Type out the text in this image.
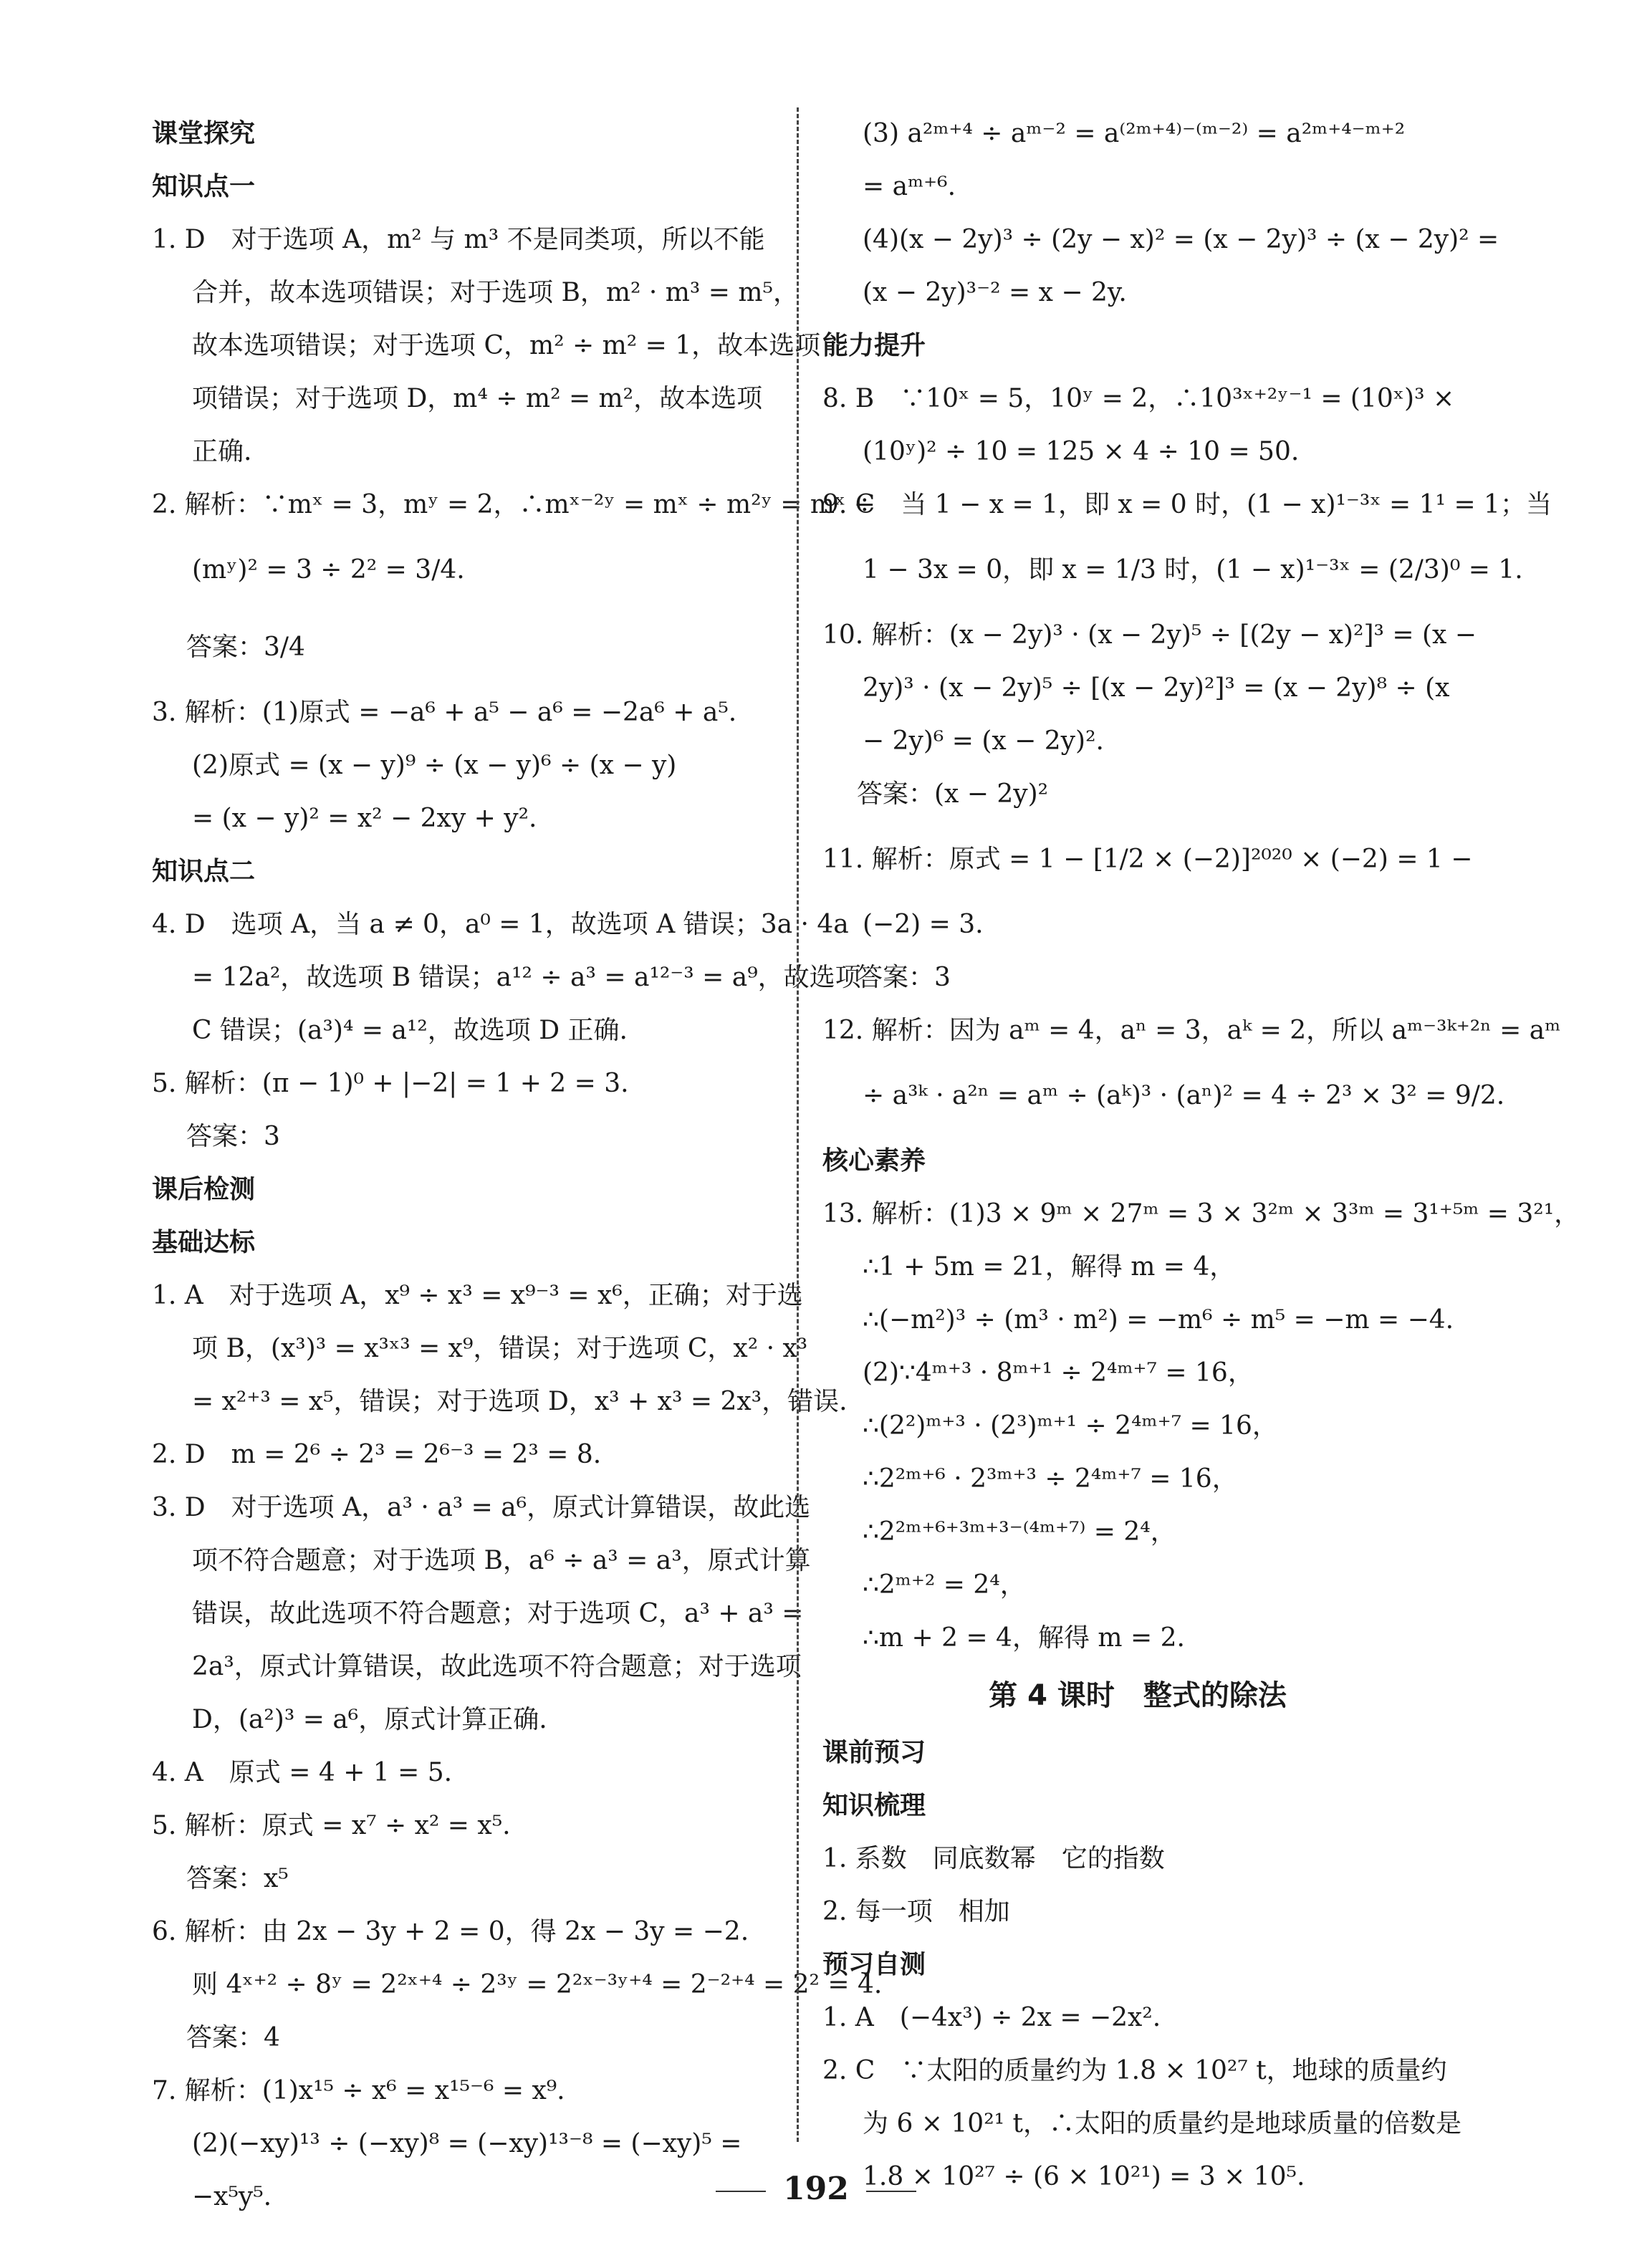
课堂探究
知识点一
1. D　对于选项 A，m² 与 m³ 不是同类项，所以不能
合并，故本选项错误；对于选项 B，m² · m³ = m⁵，
故本选项错误；对于选项 C，m² ÷ m² = 1，故本选项
项错误；对于选项 D，m⁴ ÷ m² = m²，故本选项
正确.
2. 解析：∵mˣ = 3，mʸ = 2，∴mˣ⁻²ʸ = mˣ ÷ m²ʸ = mˣ ÷
(mʸ)² = 3 ÷ 2² = 3/4.
答案：3/4
3. 解析：(1)原式 = −a⁶ + a⁵ − a⁶ = −2a⁶ + a⁵.
(2)原式 = (x − y)⁹ ÷ (x − y)⁶ ÷ (x − y)
= (x − y)² = x² − 2xy + y².
知识点二
4. D　选项 A，当 a ≠ 0，a⁰ = 1，故选项 A 错误；3a · 4a
= 12a²，故选项 B 错误；a¹² ÷ a³ = a¹²⁻³ = a⁹，故选项
C 错误；(a³)⁴ = a¹²，故选项 D 正确.
5. 解析：(π − 1)⁰ + |−2| = 1 + 2 = 3.
答案：3
课后检测
基础达标
1. A　对于选项 A，x⁹ ÷ x³ = x⁹⁻³ = x⁶，正确；对于选
项 B，(x³)³ = x³ˣ³ = x⁹，错误；对于选项 C，x² · x³
= x²⁺³ = x⁵，错误；对于选项 D，x³ + x³ = 2x³，错误.
2. D　m = 2⁶ ÷ 2³ = 2⁶⁻³ = 2³ = 8.
3. D　对于选项 A，a³ · a³ = a⁶，原式计算错误，故此选
项不符合题意；对于选项 B，a⁶ ÷ a³ = a³，原式计算
错误，故此选项不符合题意；对于选项 C，a³ + a³ =
2a³，原式计算错误，故此选项不符合题意；对于选项
D，(a²)³ = a⁶，原式计算正确.
4. A　原式 = 4 + 1 = 5.
5. 解析：原式 = x⁷ ÷ x² = x⁵.
答案：x⁵
6. 解析：由 2x − 3y + 2 = 0，得 2x − 3y = −2.
则 4ˣ⁺² ÷ 8ʸ = 2²ˣ⁺⁴ ÷ 2³ʸ = 2²ˣ⁻³ʸ⁺⁴ = 2⁻²⁺⁴ = 2² = 4.
答案：4
7. 解析：(1)x¹⁵ ÷ x⁶ = x¹⁵⁻⁶ = x⁹.
(2)(−xy)¹³ ÷ (−xy)⁸ = (−xy)¹³⁻⁸ = (−xy)⁵ =
−x⁵y⁵.
(3) a²ᵐ⁺⁴ ÷ aᵐ⁻² = a⁽²ᵐ⁺⁴⁾⁻⁽ᵐ⁻²⁾ = a²ᵐ⁺⁴⁻ᵐ⁺²
= aᵐ⁺⁶.
(4)(x − 2y)³ ÷ (2y − x)² = (x − 2y)³ ÷ (x − 2y)² =
(x − 2y)³⁻² = x − 2y.
能力提升
8. B　∵10ˣ = 5，10ʸ = 2，∴10³ˣ⁺²ʸ⁻¹ = (10ˣ)³ ×
(10ʸ)² ÷ 10 = 125 × 4 ÷ 10 = 50.
9. C　当 1 − x = 1，即 x = 0 时，(1 − x)¹⁻³ˣ = 1¹ = 1；当
1 − 3x = 0，即 x = 1/3 时，(1 − x)¹⁻³ˣ = (2/3)⁰ = 1.
10. 解析：(x − 2y)³ · (x − 2y)⁵ ÷ [(2y − x)²]³ = (x −
2y)³ · (x − 2y)⁵ ÷ [(x − 2y)²]³ = (x − 2y)⁸ ÷ (x
− 2y)⁶ = (x − 2y)².
答案：(x − 2y)²
11. 解析：原式 = 1 − [1/2 × (−2)]²⁰²⁰ × (−2) = 1 −
(−2) = 3.
答案：3
12. 解析：因为 aᵐ = 4，aⁿ = 3，aᵏ = 2，所以 aᵐ⁻³ᵏ⁺²ⁿ = aᵐ
÷ a³ᵏ · a²ⁿ = aᵐ ÷ (aᵏ)³ · (aⁿ)² = 4 ÷ 2³ × 3² = 9/2.
核心素养
13. 解析：(1)3 × 9ᵐ × 27ᵐ = 3 × 3²ᵐ × 3³ᵐ = 3¹⁺⁵ᵐ = 3²¹，
∴1 + 5m = 21，解得 m = 4，
∴(−m²)³ ÷ (m³ · m²) = −m⁶ ÷ m⁵ = −m = −4.
(2)∵4ᵐ⁺³ · 8ᵐ⁺¹ ÷ 2⁴ᵐ⁺⁷ = 16，
∴(2²)ᵐ⁺³ · (2³)ᵐ⁺¹ ÷ 2⁴ᵐ⁺⁷ = 16，
∴2²ᵐ⁺⁶ · 2³ᵐ⁺³ ÷ 2⁴ᵐ⁺⁷ = 16，
∴2²ᵐ⁺⁶⁺³ᵐ⁺³⁻⁽⁴ᵐ⁺⁷⁾ = 2⁴，
∴2ᵐ⁺² = 2⁴，
∴m + 2 = 4，解得 m = 2.
第 4 课时　整式的除法
课前预习
知识梳理
1. 系数　同底数幂　它的指数
2. 每一项　相加
预习自测
1. A　(−4x³) ÷ 2x = −2x².
2. C　∵太阳的质量约为 1.8 × 10²⁷ t，地球的质量约
为 6 × 10²¹ t，∴太阳的质量约是地球质量的倍数是
1.8 × 10²⁷ ÷ (6 × 10²¹) = 3 × 10⁵.
192
